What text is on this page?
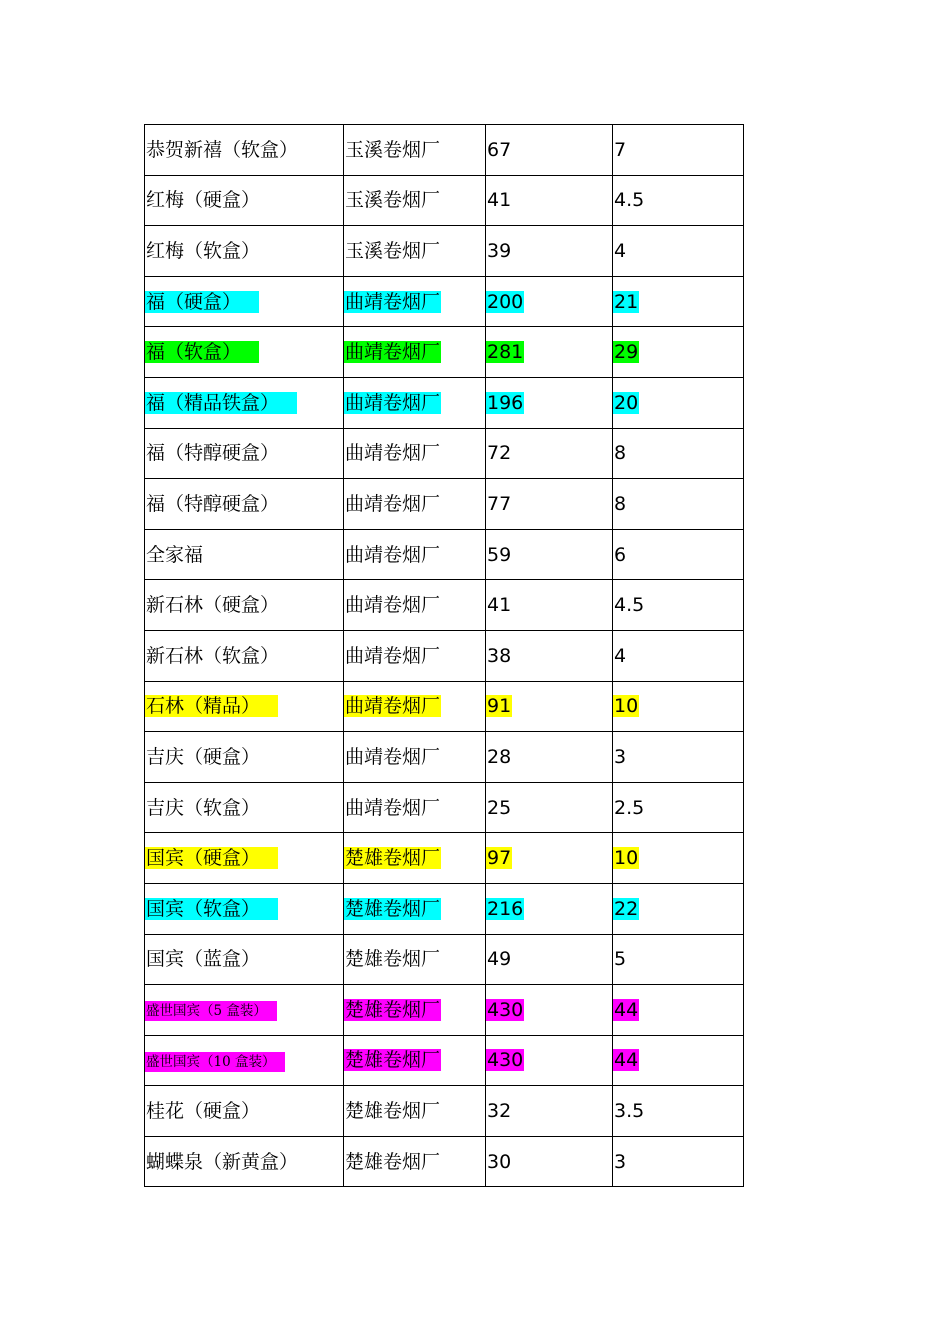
恭贺新禧（软盒）	玉溪卷烟厂	67	7
红梅（硬盒）	玉溪卷烟厂	41	4.5
红梅（软盒）	玉溪卷烟厂	39	4
福（硬盒）	曲靖卷烟厂	200	21
福（软盒）	曲靖卷烟厂	281	29
福（精品铁盒）	曲靖卷烟厂	196	20
福（特醇硬盒）	曲靖卷烟厂	72	8
福（特醇硬盒）	曲靖卷烟厂	77	8
全家福	曲靖卷烟厂	59	6
新石林（硬盒）	曲靖卷烟厂	41	4.5
新石林（软盒）	曲靖卷烟厂	38	4
石林（精品）	曲靖卷烟厂	91	10
吉庆（硬盒）	曲靖卷烟厂	28	3
吉庆（软盒）	曲靖卷烟厂	25	2.5
国宾（硬盒）	楚雄卷烟厂	97	10
国宾（软盒）	楚雄卷烟厂	216	22
国宾（蓝盒）	楚雄卷烟厂	49	5
盛世国宾（5 盒装）	楚雄卷烟厂	430	44
盛世国宾（10 盒装）	楚雄卷烟厂	430	44
桂花（硬盒）	楚雄卷烟厂	32	3.5
蝴蝶泉（新黄盒）	楚雄卷烟厂	30	3
